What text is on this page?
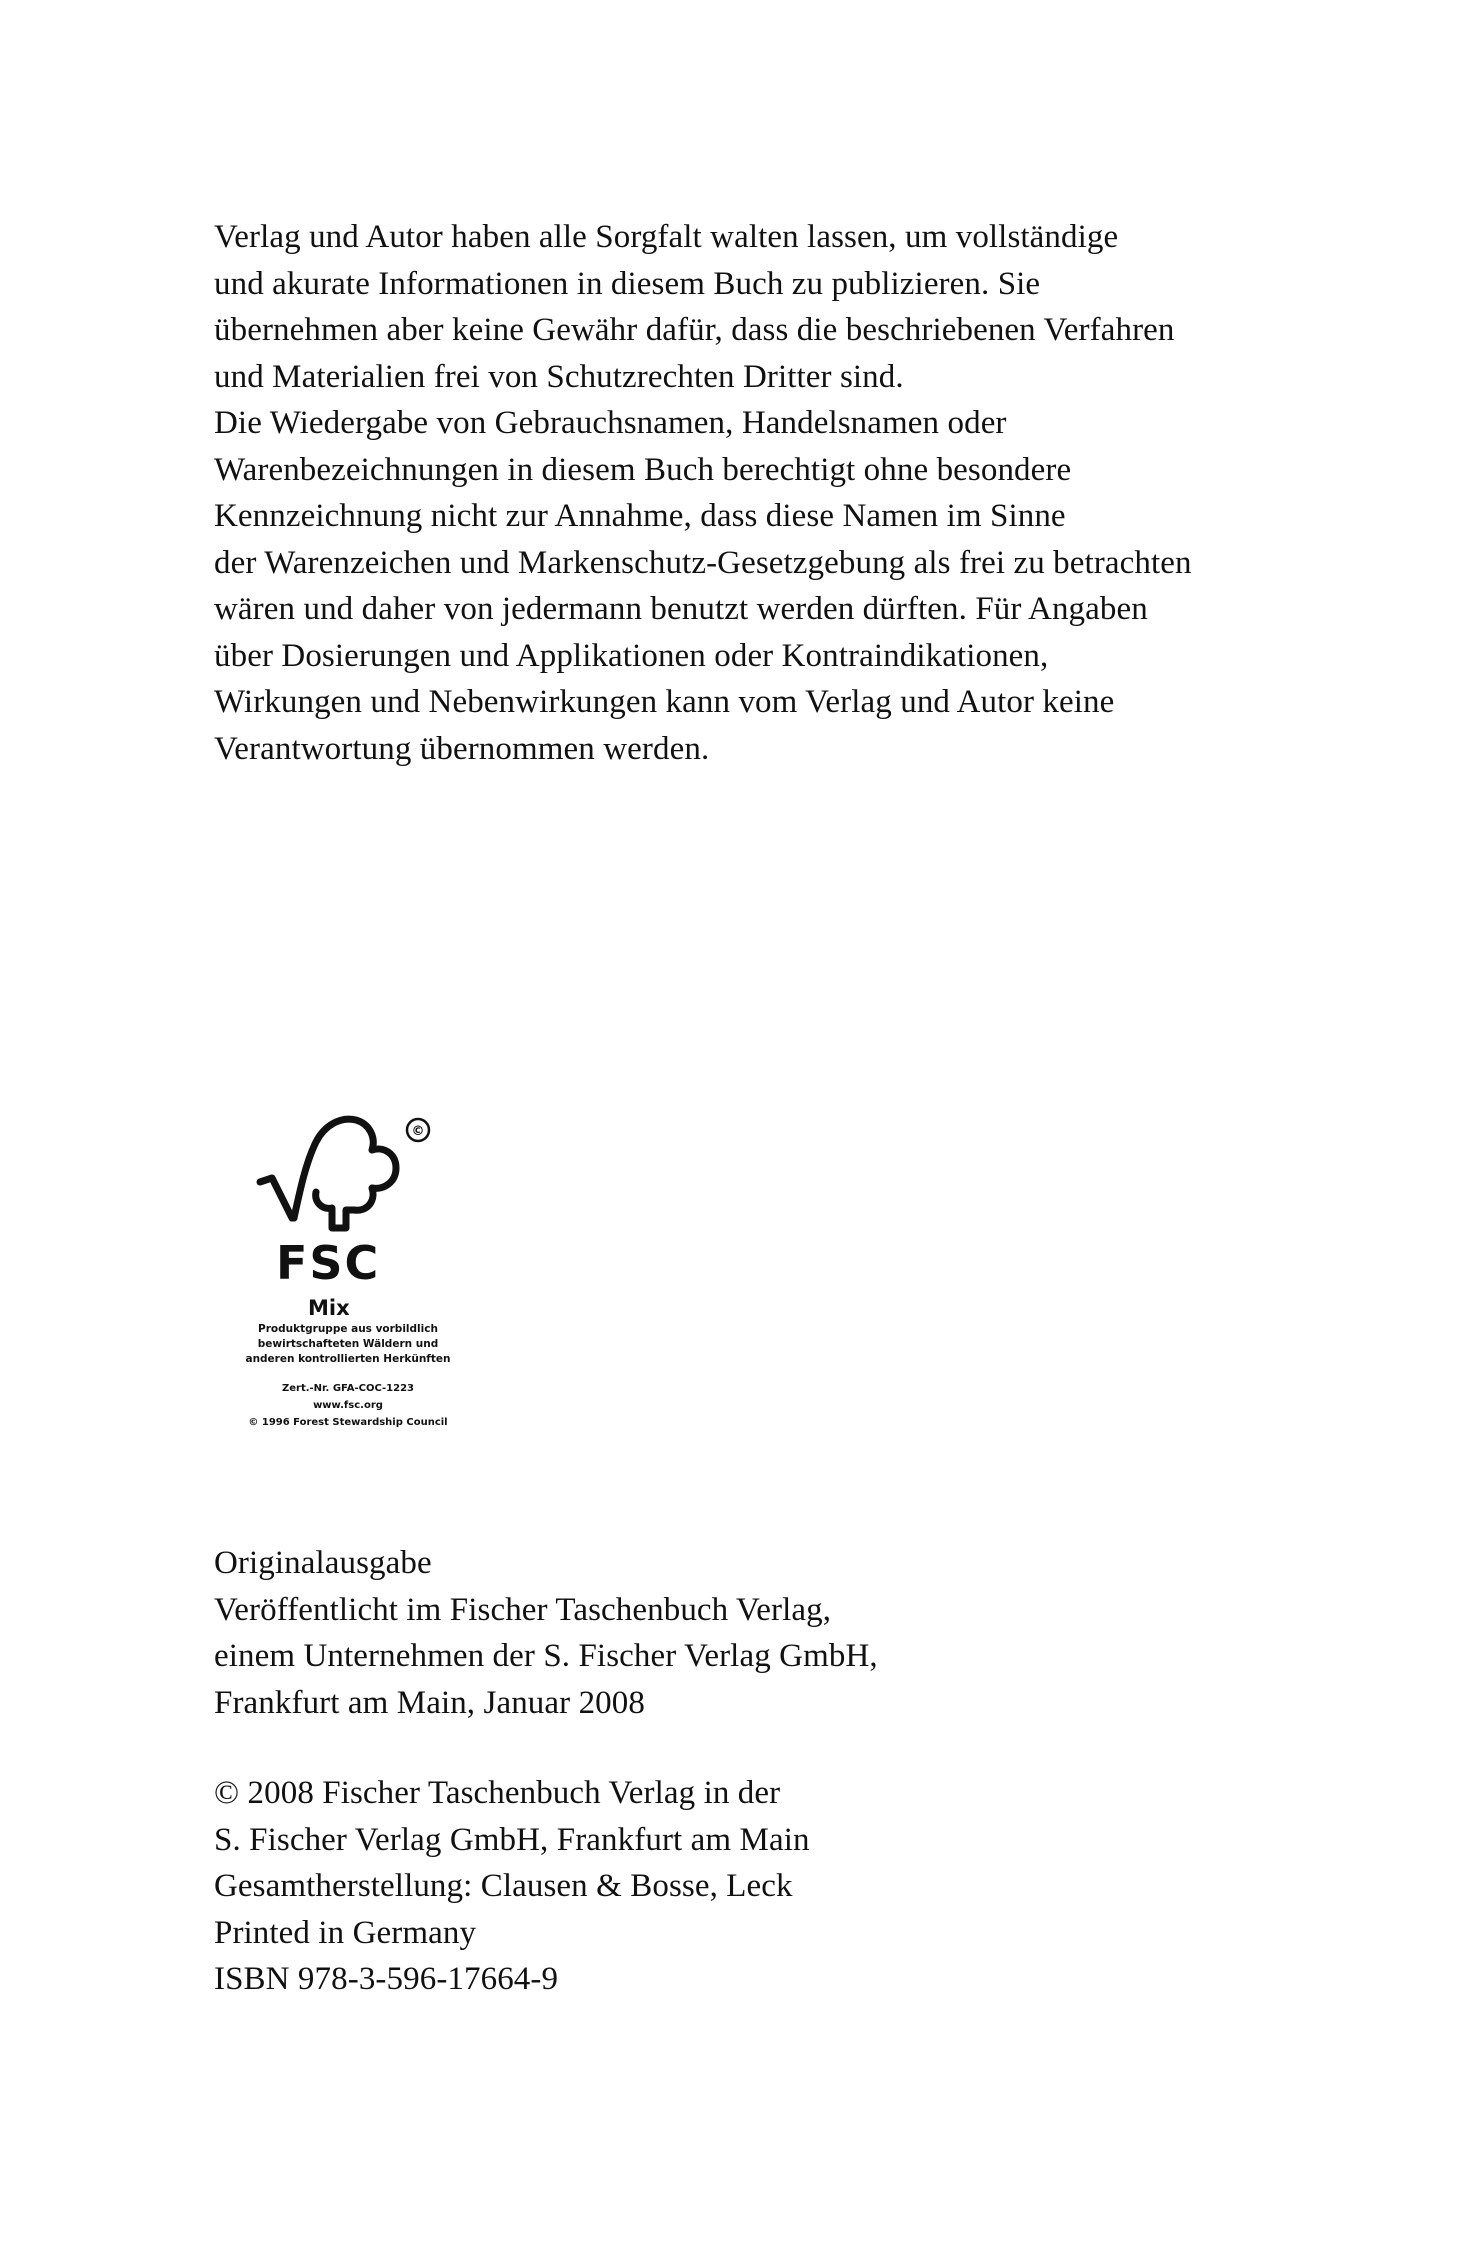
Verlag und Autor haben alle Sorgfalt walten lassen, um vollständige
und akurate Informationen in diesem Buch zu publizieren. Sie
übernehmen aber keine Gewähr dafür, dass die beschriebenen Verfahren
und Materialien frei von Schutzrechten Dritter sind.
Die Wiedergabe von Gebrauchsnamen, Handelsnamen oder
Warenbezeichnungen in diesem Buch berechtigt ohne besondere
Kennzeichnung nicht zur Annahme, dass diese Namen im Sinne
der Warenzeichen und Markenschutz-Gesetzgebung als frei zu betrachten
wären und daher von jedermann benutzt werden dürften. Für Angaben
über Dosierungen und Applikationen oder Kontraindikationen,
Wirkungen und Nebenwirkungen kann vom Verlag und Autor keine
Verantwortung übernommen werden.
©
FSC
Mix
Produktgruppe aus vorbildlich
bewirtschafteten Wäldern und
anderen kontrollierten Herkünften
Zert.-Nr. GFA-COC-1223
www.fsc.org
© 1996 Forest Stewardship Council
Originalausgabe
Veröffentlicht im Fischer Taschenbuch Verlag,
einem Unternehmen der S. Fischer Verlag GmbH,
Frankfurt am Main, Januar 2008
© 2008 Fischer Taschenbuch Verlag in der
S. Fischer Verlag GmbH, Frankfurt am Main
Gesamtherstellung: Clausen & Bosse, Leck
Printed in Germany
ISBN 978-3-596-17664-9
